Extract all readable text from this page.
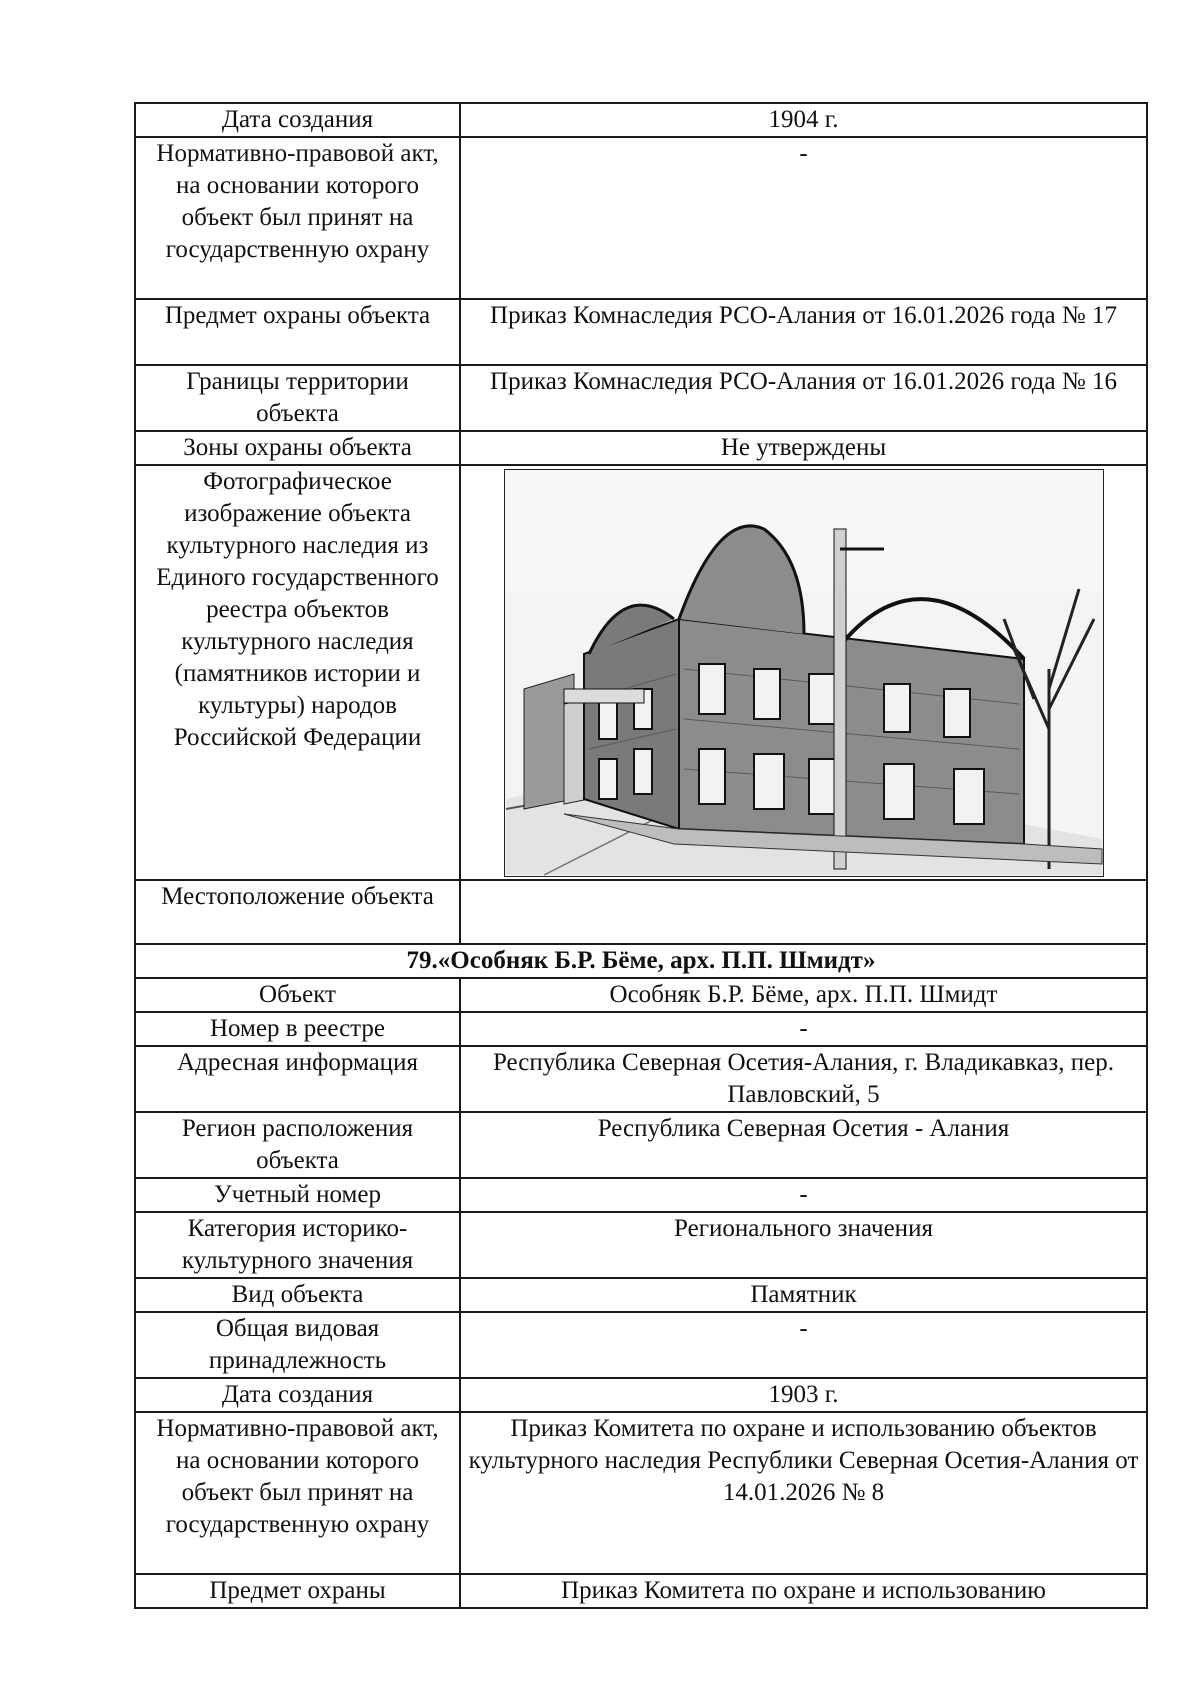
Дата создания	1904 г.
Нормативно-правовой акт, на основании которого объект был принят на государственную охрану	-
Предмет охраны объекта	Приказ Комнаследия РСО-Алания от 16.01.2026 года № 17
Границы территории объекта	Приказ Комнаследия РСО-Алания от 16.01.2026 года № 16
Зоны охраны объекта	Не утверждены
Фотографическое изображение объекта культурного наследия из Единого государственного реестра объектов культурного наследия (памятников истории и культуры) народов Российской Федерации	

Местоположение объекта	
79.«Особняк Б.Р. Бёме, арх. П.П. Шмидт»	
Объект	Особняк Б.Р. Бёме, арх. П.П. Шмидт
Номер в реестре	-
Адресная информация	Республика Северная Осетия-Алания, г. Владикавказ, пер. Павловский, 5
Регион расположения объекта	Республика Северная Осетия - Алания
Учетный номер	-
Категория историко-культурного значения	Регионального значения
Вид объекта	Памятник
Общая видовая принадлежность	-
Дата создания	1903 г.
Нормативно-правовой акт, на основании которого объект был принят на государственную охрану	Приказ Комитета по охране и использованию объектов культурного наследия Республики Северная Осетия-Алания от 14.01.2026 № 8
Предмет охраны	Приказ Комитета по охране и использованию
